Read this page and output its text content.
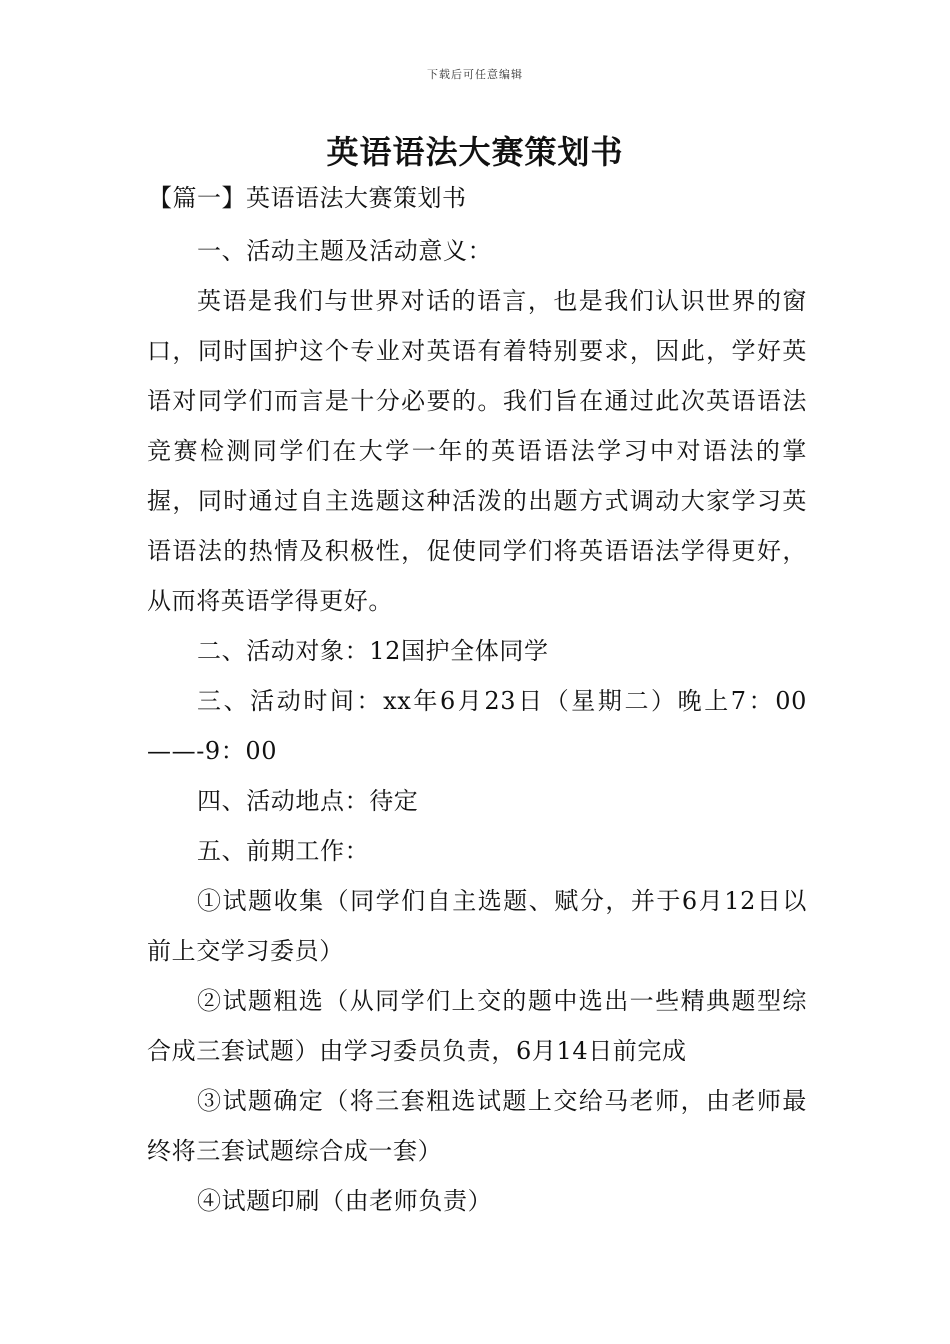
下载后可任意编辑
英语语法大赛策划书
【篇一】英语语法大赛策划书

一、活动主题及活动意义：

英语是我们与世界对话的语言，也是我们认识世界的窗口，同时国护这个专业对英语有着特别要求，因此，学好英语对同学们而言是十分必要的。我们旨在通过此次英语语法竞赛检测同学们在大学一年的英语语法学习中对语法的掌握，同时通过自主选题这种活泼的出题方式调动大家学习英语语法的热情及积极性，促使同学们将英语语法学得更好，从而将英语学得更好。

二、活动对象：12国护全体同学

三、活动时间：xx年6月23日（星期二）晚上7：00——-9：00

四、活动地点：待定

五、前期工作：

①试题收集（同学们自主选题、赋分，并于6月12日以前上交学习委员）

②试题粗选（从同学们上交的题中选出一些精典题型综合成三套试题）由学习委员负责，6月14日前完成

③试题确定（将三套粗选试题上交给马老师，由老师最终将三套试题综合成一套）

④试题印刷（由老师负责）
